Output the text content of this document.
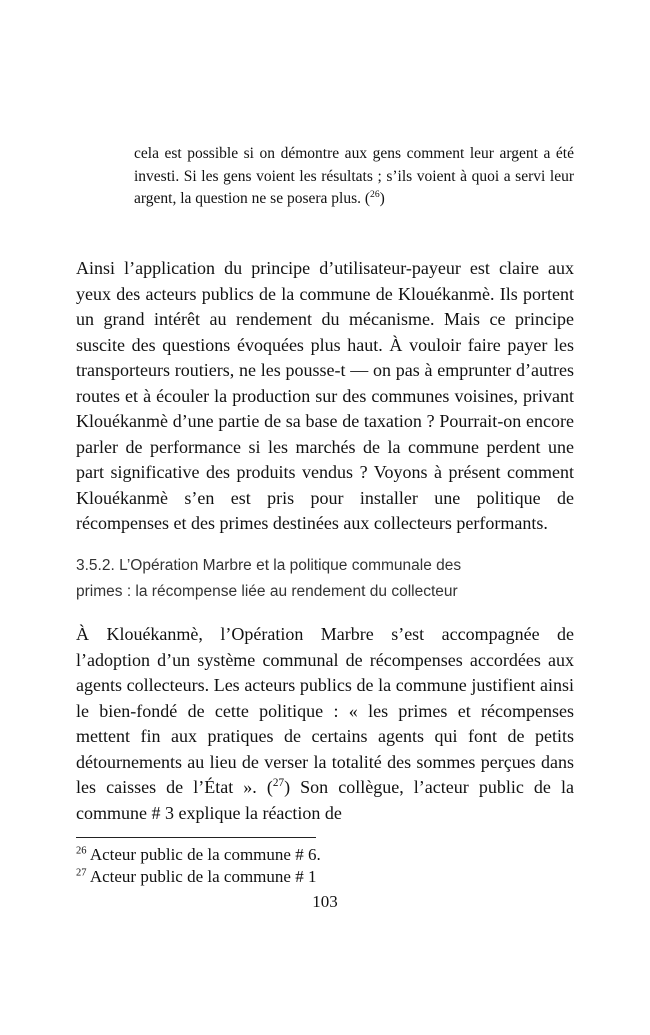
cela est possible si on démontre aux gens comment leur argent a été investi. Si les gens voient les résultats ; s’ils voient à quoi a servi leur argent, la question ne se posera plus. ($^{26}$)
Ainsi l’application du principe d’utilisateur-payeur est claire aux yeux des acteurs publics de la commune de Klouékanmè. Ils portent un grand intérêt au rendement du mécanisme. Mais ce principe suscite des questions évoquées plus haut. À vouloir faire payer les transporteurs routiers, ne les pousse-t — on pas à emprunter d’autres routes et à écouler la production sur des communes voisines, privant Klouékanmè d’une partie de sa base de taxation ? Pourrait-on encore parler de performance si les marchés de la commune perdent une part significative des produits vendus ? Voyons à présent comment Klouékanmè s’en est pris pour installer une politique de récompenses et des primes destinées aux collecteurs performants.
3.5.2. L’Opération Marbre et la politique communale des
primes : la récompense liée au rendement du collecteur
À Klouékanmè, l’Opération Marbre s’est accompagnée de l’adoption d’un système communal de récompenses accordées aux agents collecteurs. Les acteurs publics de la commune justifient ainsi le bien-fondé de cette politique : « les primes et récompenses mettent fin aux pratiques de certains agents qui font de petits détournements au lieu de verser la totalité des sommes perçues dans les caisses de l’État ». ($^{27}$) Son collègue, l’acteur public de la commune # 3 explique la réaction de
$^{26}$ Acteur public de la commune # 6.
$^{27}$ Acteur public de la commune # 1
103
